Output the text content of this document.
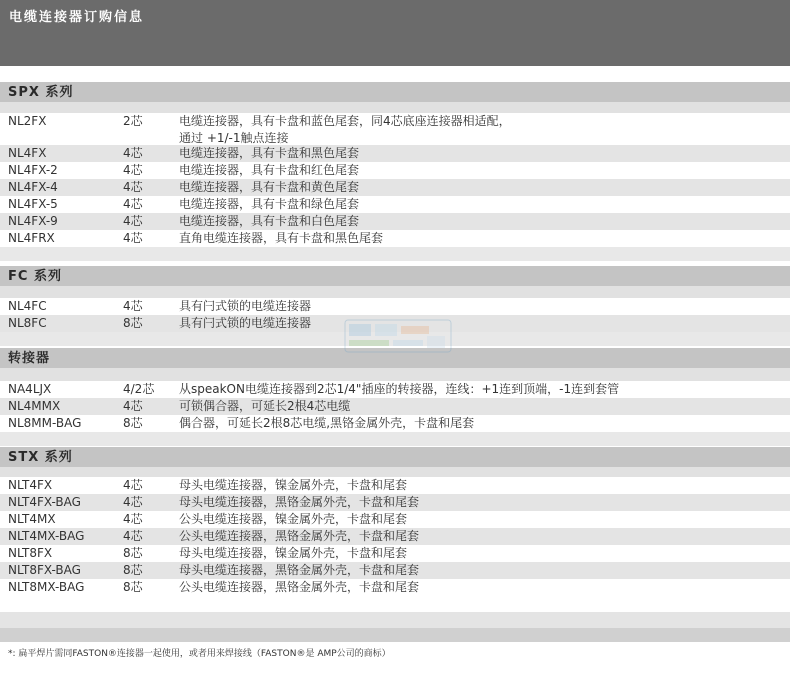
电缆连接器订购信息
SPX 系列
NL2FX	2芯	电缆连接器，具有卡盘和蓝色尾套，同4芯底座连接器相适配，
通过 +1/-1触点连接
NL4FX	4芯	电缆连接器，具有卡盘和黑色尾套
NL4FX-2	4芯	电缆连接器，具有卡盘和红色尾套
NL4FX-4	4芯	电缆连接器，具有卡盘和黄色尾套
NL4FX-5	4芯	电缆连接器，具有卡盘和绿色尾套
NL4FX-9	4芯	电缆连接器，具有卡盘和白色尾套
NL4FRX	4芯	直角电缆连接器，具有卡盘和黑色尾套
FC 系列
NL4FC	4芯	具有闩式锁的电缆连接器
NL8FC	8芯	具有闩式锁的电缆连接器
转接器
NA4LJX	4/2芯 从speakON电缆连接器到2芯1/4"插座的转接器，连线：+1连到顶端，-1连到套管
NL4MMX	4芯	可锁偶合器，可延长2根4芯电缆
NL8MM-BAG	8芯	偶合器，可延长2根8芯电缆,黑铬金属外壳，卡盘和尾套
STX 系列
NLT4FX	4芯	母头电缆连接器，镍金属外壳，卡盘和尾套
NLT4FX-BAG	4芯	母头电缆连接器，黑铬金属外壳，卡盘和尾套
NLT4MX	4芯	公头电缆连接器，镍金属外壳，卡盘和尾套
NLT4MX-BAG	4芯	公头电缆连接器，黑铬金属外壳，卡盘和尾套
NLT8FX	8芯	母头电缆连接器，镍金属外壳，卡盘和尾套
NLT8FX-BAG	8芯	母头电缆连接器，黑铬金属外壳，卡盘和尾套
NLT8MX-BAG	8芯	公头电缆连接器，黑铬金属外壳，卡盘和尾套
*: 扁平焊片需同FASTON®连接器一起使用，或者用来焊接线（FASTON®是 AMP公司的商标）
